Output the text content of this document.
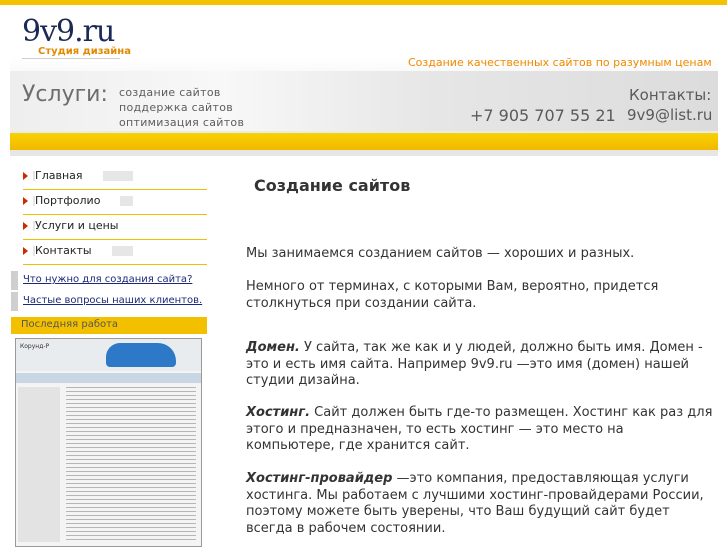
9v9.ru
Студия дизайна
Создание качественных сайтов по разумным ценам
Услуги: создание сайтов
поддержка сайтов
оптимизация сайтов
Контакты:
+7 905 707 55 21 9v9@list.ru
Главная
Портфолио
Услуги и цены
Контакты
Что нужно для создания сайта?
Частые вопросы наших клиентов.
Последняя работа
Корунд-Р
Создание сайтов

Мы занимаемся созданием сайтов — хороших и разных.

Немного от терминах, с которыми Вам, вероятно, придется столкнуться при создании сайта.

Домен. У сайта, так же как и у людей, должно быть имя. Домен - это и есть имя сайта. Например 9v9.ru —это имя (домен) нашей студии дизайна.

Хостинг. Сайт должен быть где-то размещен. Хостинг как раз для этого и предназначен, то есть хостинг — это место на компьютере, где хранится сайт.

Хостинг-провайдер —это компания, предоставляющая услуги хостинга. Мы работаем с лучшими хостинг-провайдерами России, поэтому можете быть уверены, что Ваш будущий сайт будет всегда в рабочем состоянии.
